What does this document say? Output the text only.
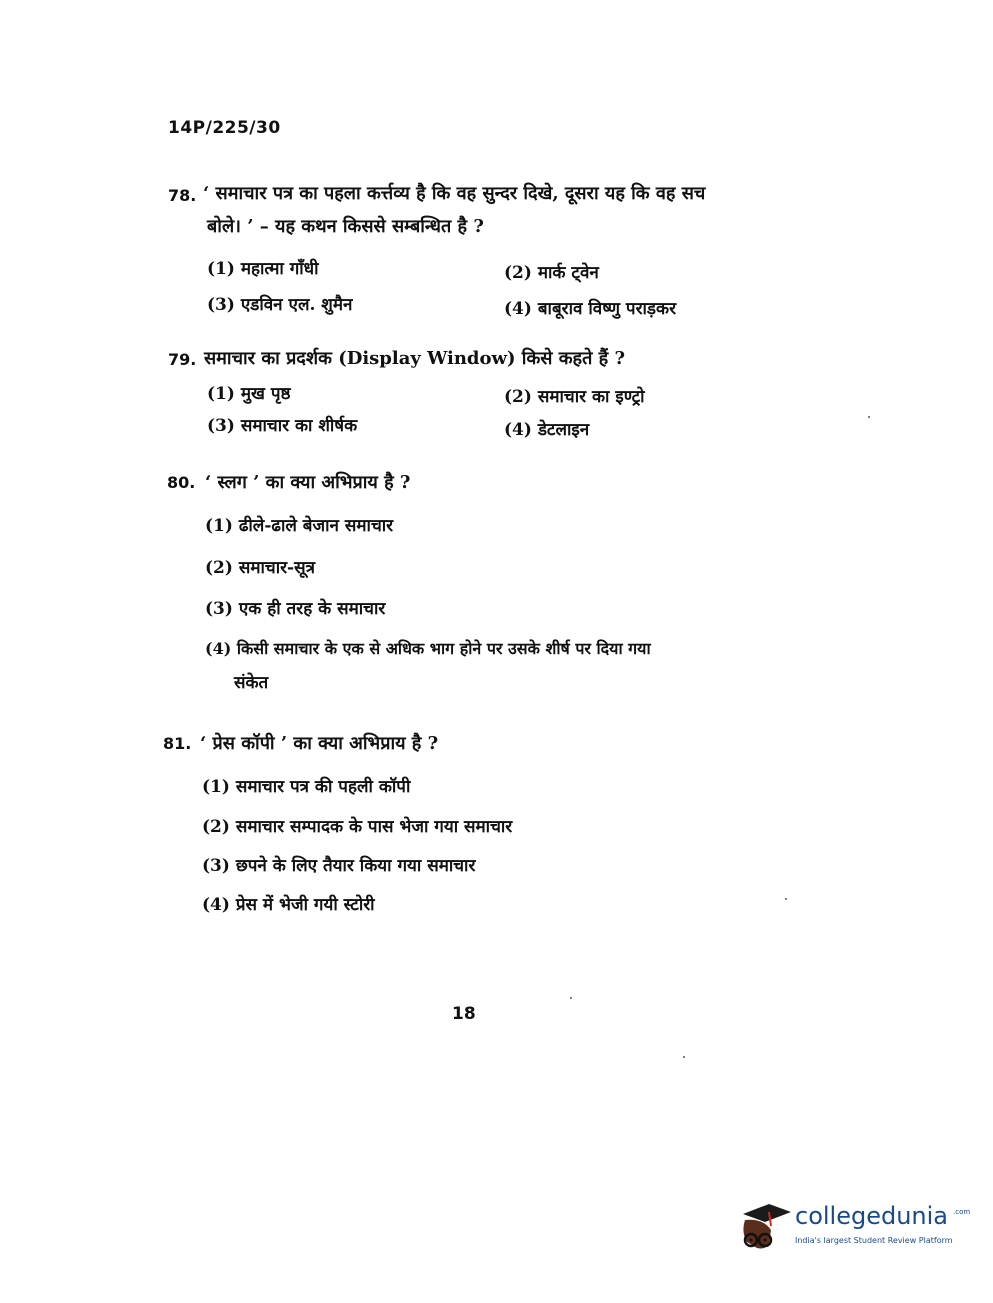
14P/225/30
78. ‘ समाचार पत्र का पहला कर्त्तव्य है कि वह सुन्दर दिखे, दूसरा यह कि वह सच
बोले। ’ – यह कथन किससे सम्बन्धित है ?
(1) महात्मा गाँधी	(2) मार्क ट्वेन
(3) एडविन एल. शुमैन	(4) बाबूराव विष्णु पराड़कर
79. समाचार का प्रदर्शक (Display Window) किसे कहते हैं ?
(1) मुख पृष्ठ	(2) समाचार का इण्ट्रो
(3) समाचार का शीर्षक	(4) डेटलाइन
80. ‘ स्लग ’ का क्या अभिप्राय है ?
(1) ढीले-ढाले बेजान समाचार
(2) समाचार-सूत्र
(3) एक ही तरह के समाचार
(4) किसी समाचार के एक से अधिक भाग होने पर उसके शीर्ष पर दिया गया
संकेत
81. ‘ प्रेस कॉपी ’ का क्या अभिप्राय है ?
(1) समाचार पत्र की पहली कॉपी
(2) समाचार सम्पादक के पास भेजा गया समाचार
(3) छपने के लिए तैयार किया गया समाचार
(4) प्रेस में भेजी गयी स्टोरी
18
collegedunia .com
India's largest Student Review Platform
